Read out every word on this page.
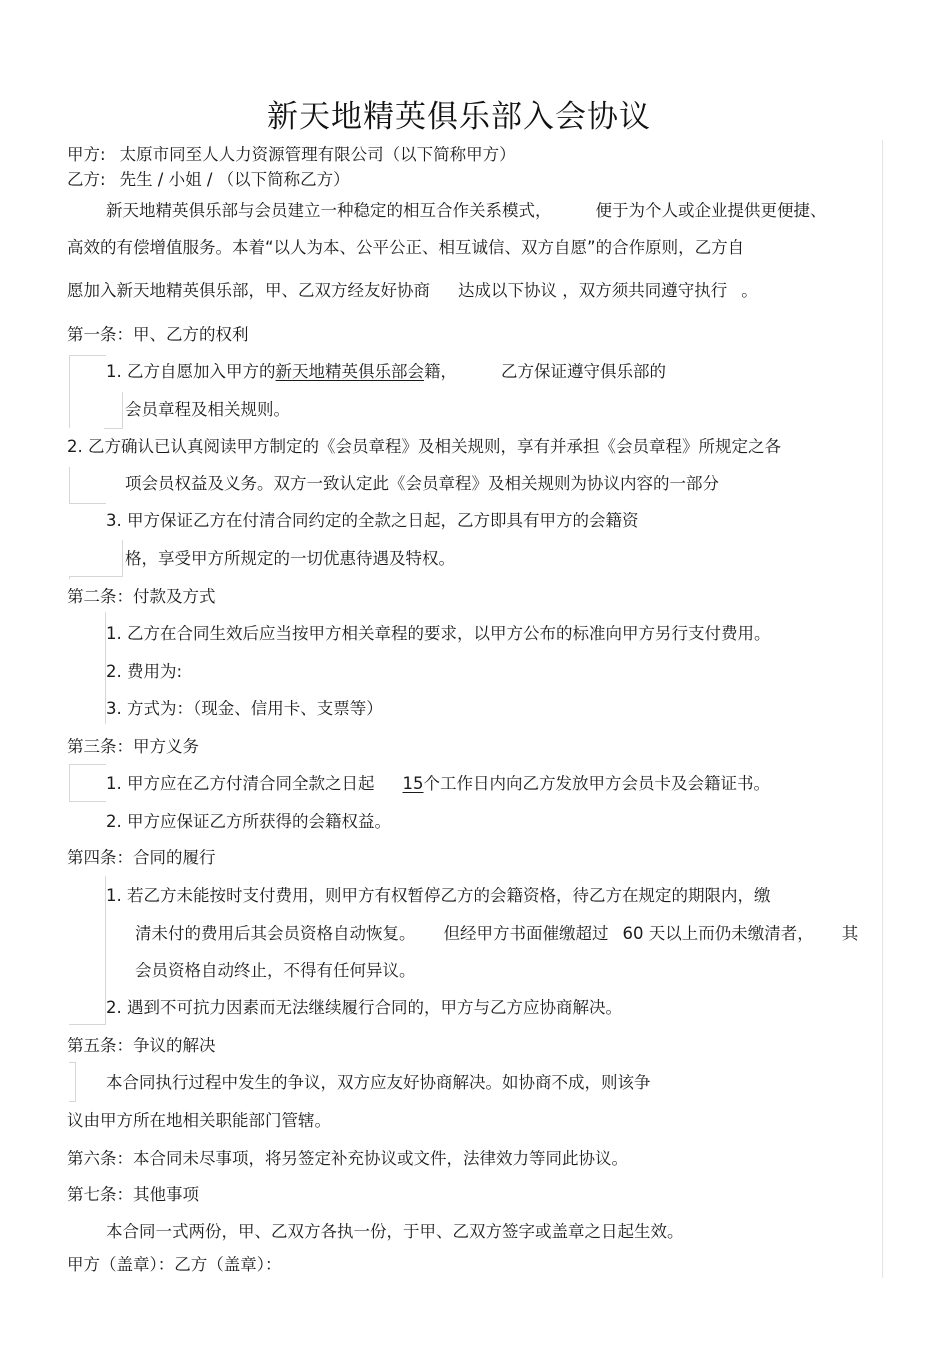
新天地精英俱乐部入会协议
甲方: 太原市同至人人力资源管理有限公司（以下简称甲方）
乙方: 先生 / 小姐 / （以下简称乙方）
新天地精英俱乐部与会员建立一种稳定的相互合作关系模式，	便于为个人或企业提供更便捷、
高效的有偿增值服务。本着“以人为本、公平公正、相互诚信、双方自愿”的合作原则，乙方自
愿加入新天地精英俱乐部，甲、乙双方经友好协商 达成以下协议 ，双方须共同遵守执行 。
第一条：甲、乙方的权利
1. 乙方自愿加入甲方的新天地精英俱乐部会籍，	乙方保证遵守俱乐部的
会员章程及相关规则。
2. 乙方确认已认真阅读甲方制定的《会员章程》及相关规则，享有并承担《会员章程》所规定之各
项会员权益及义务。双方一致认定此《会员章程》及相关规则为协议内容的一部分
3. 甲方保证乙方在付清合同约定的全款之日起，乙方即具有甲方的会籍资
格，享受甲方所规定的一切优惠待遇及特权。
第二条：付款及方式
1. 乙方在合同生效后应当按甲方相关章程的要求，以甲方公布的标准向甲方另行支付费用。
2. 费用为:
3. 方式为：（现金、信用卡、支票等）
第三条：甲方义务
1. 甲方应在乙方付清合同全款之日起 15个工作日内向乙方发放甲方会员卡及会籍证书。
2. 甲方应保证乙方所获得的会籍权益。
第四条：合同的履行
1. 若乙方未能按时支付费用，则甲方有权暂停乙方的会籍资格，待乙方在规定的期限内，缴
清未付的费用后其会员资格自动恢复。 但经甲方书面催缴超过 60 天以上而仍未缴清者， 其
会员资格自动终止，不得有任何异议。
2. 遇到不可抗力因素而无法继续履行合同的，甲方与乙方应协商解决。
第五条：争议的解决
本合同执行过程中发生的争议，双方应友好协商解决。如协商不成，则该争
议由甲方所在地相关职能部门管辖。
第六条：本合同未尽事项，将另签定补充协议或文件，法律效力等同此协议。
第七条：其他事项
本合同一式两份，甲、乙双方各执一份，于甲、乙双方签字或盖章之日起生效。
甲方（盖章）：乙方（盖章）：
